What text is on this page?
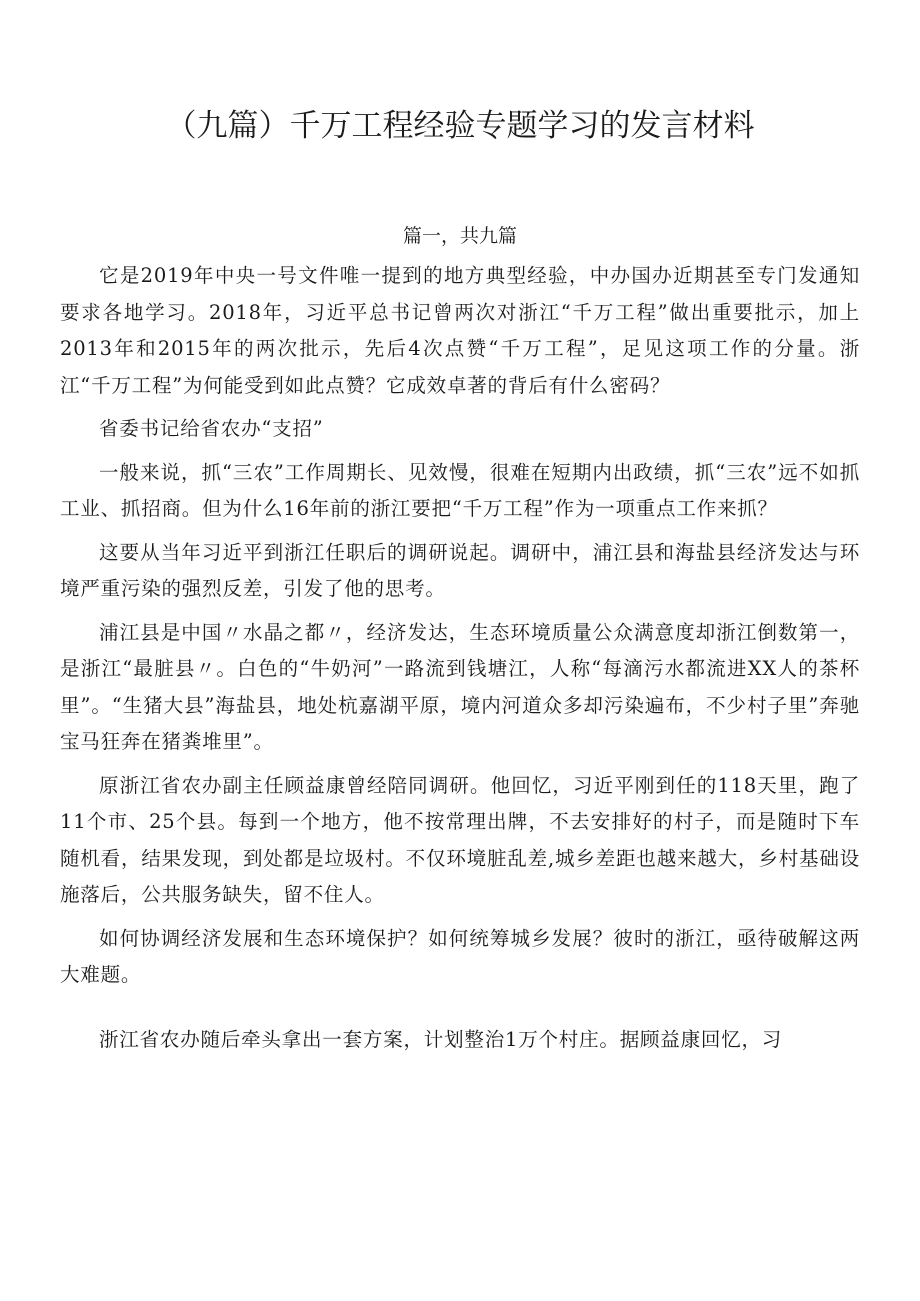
（九篇）千万工程经验专题学习的发言材料
篇一，共九篇

它是2019年中央一号文件唯一提到的地方典型经验，中办国办近期甚至专门发通知要求各地学习。2018年，习近平总书记曾两次对浙江“千万工程”做出重要批示，加上2013年和2015年的两次批示，先后4次点赞“千万工程”，足见这项工作的分量。浙江“千万工程”为何能受到如此点赞？它成效卓著的背后有什么密码？

省委书记给省农办“支招”

一般来说，抓“三农”工作周期长、见效慢，很难在短期内出政绩，抓“三农”远不如抓工业、抓招商。但为什么16年前的浙江要把“千万工程”作为一项重点工作来抓？

这要从当年习近平到浙江任职后的调研说起。调研中，浦江县和海盐县经济发达与环境严重污染的强烈反差，引发了他的思考。

浦江县是中国〃水晶之都〃，经济发达，生态环境质量公众满意度却浙江倒数第一，是浙江“最脏县〃。白色的“牛奶河”一路流到钱塘江，人称“每滴污水都流进XX人的茶杯里”。“生猪大县”海盐县，地处杭嘉湖平原，境内河道众多却污染遍布，不少村子里”奔驰宝马狂奔在猪粪堆里”。

原浙江省农办副主任顾益康曾经陪同调研。他回忆，习近平刚到任的118天里，跑了11个市、25个县。每到一个地方，他不按常理出牌，不去安排好的村子，而是随时下车随机看，结果发现，到处都是垃圾村。不仅环境脏乱差,城乡差距也越来越大，乡村基础设施落后，公共服务缺失，留不住人。

如何协调经济发展和生态环境保护？如何统筹城乡发展？彼时的浙江，亟待破解这两大难题。

浙江省农办随后牵头拿出一套方案，计划整治1万个村庄。据顾益康回忆，习
